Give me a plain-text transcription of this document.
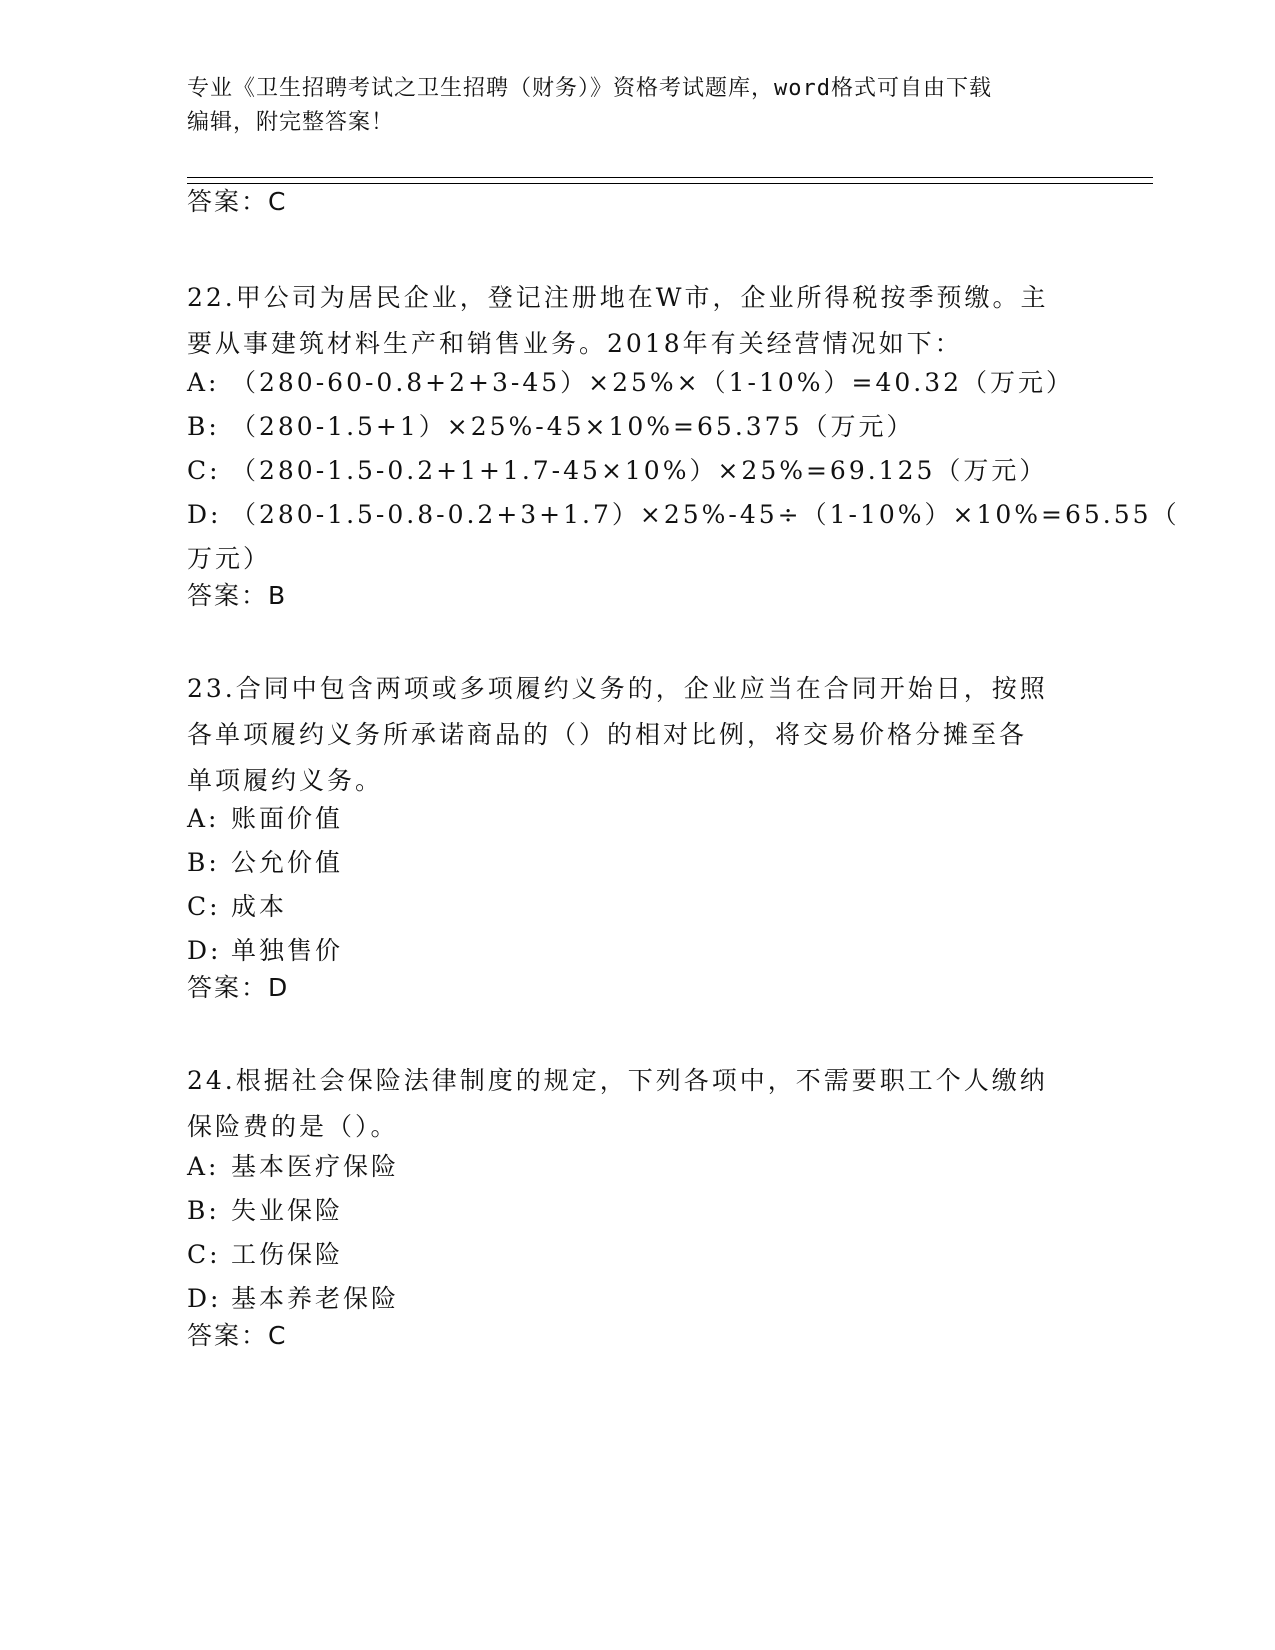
专业《卫生招聘考试之卫生招聘（财务）》资格考试题库，word格式可自由下载
编辑，附完整答案！
答案：C
22.甲公司为居民企业，登记注册地在W市，企业所得税按季预缴。主
要从事建筑材料生产和销售业务。2018年有关经营情况如下：
A: （280-60-0.8+2+3-45）×25%×（1-10%）=40.32（万元）
B: （280-1.5+1）×25%-45×10%=65.375（万元）
C: （280-1.5-0.2+1+1.7-45×10%）×25%=69.125（万元）
D: （280-1.5-0.8-0.2+3+1.7）×25%-45÷（1-10%）×10%=65.55（
万元）
答案：B
23.合同中包含两项或多项履约义务的，企业应当在合同开始日，按照
各单项履约义务所承诺商品的（）的相对比例，将交易价格分摊至各
单项履约义务。
A: 账面价值
B: 公允价值
C: 成本
D: 单独售价
答案：D
24.根据社会保险法律制度的规定，下列各项中，不需要职工个人缴纳
保险费的是（）。
A: 基本医疗保险
B: 失业保险
C: 工伤保险
D: 基本养老保险
答案：C
